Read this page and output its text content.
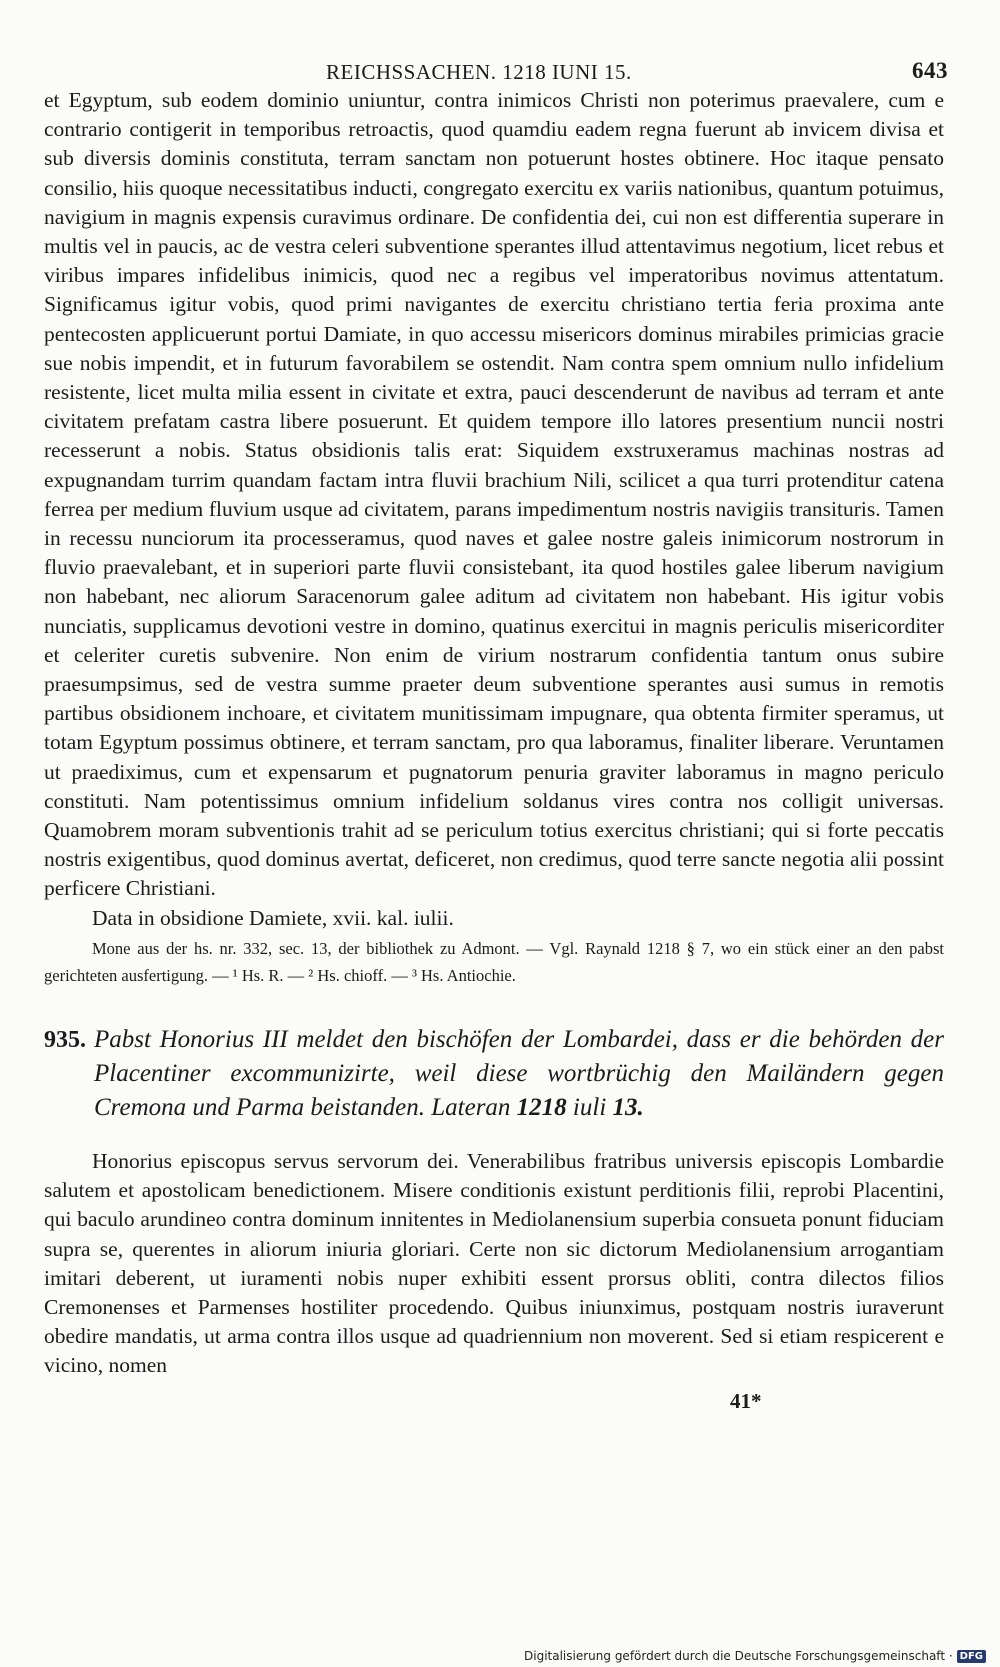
REICHSSACHEN. 1218 IUNI 15.	643

et Egyptum, sub eodem dominio uniuntur, contra inimicos Christi non poterimus praevalere, cum e contrario contigerit in temporibus retroactis, quod quamdiu eadem regna fuerunt ab invicem divisa et sub diversis dominis constituta, terram sanctam non potuerunt hostes obtinere. Hoc itaque pensato consilio, hiis quoque necessitatibus inducti, congregato exercitu ex variis nationibus, quantum potuimus, navigium in magnis expensis curavimus ordinare. De confidentia dei, cui non est differentia superare in multis vel in paucis, ac de vestra celeri subventione sperantes illud attentavimus negotium, licet rebus et viribus impares infidelibus inimicis, quod nec a regibus vel imperatoribus novimus attentatum. Significamus igitur vobis, quod primi navigantes de exercitu christiano tertia feria proxima ante pentecosten applicuerunt portui Damiate, in quo accessu misericors dominus mirabiles primicias gracie sue nobis impendit, et in futurum favorabilem se ostendit. Nam contra spem omnium nullo infidelium resistente, licet multa milia essent in civitate et extra, pauci descenderunt de navibus ad terram et ante civitatem prefatam castra libere posuerunt. Et quidem tempore illo latores presentium nuncii nostri recesserunt a nobis. Status obsidionis talis erat: Siquidem exstruxeramus machinas nostras ad expugnandam turrim quandam factam intra fluvii brachium Nili, scilicet a qua turri protenditur catena ferrea per medium fluvium usque ad civitatem, parans impedimentum nostris navigiis transituris. Tamen in recessu nunciorum ita processeramus, quod naves et galee nostre galeis inimicorum nostrorum in fluvio praevalebant, et in superiori parte fluvii consistebant, ita quod hostiles galee liberum navigium non habebant, nec aliorum Saracenorum galee aditum ad civitatem non habebant. His igitur vobis nunciatis, supplicamus devotioni vestre in domino, quatinus exercitui in magnis periculis misericorditer et celeriter curetis subvenire. Non enim de virium nostrarum confidentia tantum onus subire praesumpsimus, sed de vestra summe praeter deum subventione sperantes ausi sumus in remotis partibus obsidionem inchoare, et civitatem munitissimam impugnare, qua obtenta firmiter speramus, ut totam Egyptum possimus obtinere, et terram sanctam, pro qua laboramus, finaliter liberare. Veruntamen ut praediximus, cum et expensarum et pugnatorum penuria graviter laboramus in magno periculo constituti. Nam potentissimus omnium infidelium soldanus vires contra nos colligit universas. Quamobrem moram subventionis trahit ad se periculum totius exercitus christiani; qui si forte peccatis nostris exigentibus, quod dominus avertat, deficeret, non credimus, quod terre sancte negotia alii possint perficere Christiani.

Data in obsidione Damiete, xvii. kal. iulii.

Mone aus der hs. nr. 332, sec. 13, der bibliothek zu Admont. — Vgl. Raynald 1218 § 7, wo ein stück einer an den pabst gerichteten ausfertigung. — ¹ Hs. R. — ² Hs. chioff. — ³ Hs. Antiochie.
935. Pabst Honorius III meldet den bischöfen der Lombardei, dass er die behörden der Placentiner excommunizirte, weil diese wortbrüchig den Mailändern gegen Cremona und Parma beistanden. Lateran 1218 iuli 13.

Honorius episcopus servus servorum dei. Venerabilibus fratribus universis episcopis Lombardie salutem et apostolicam benedictionem. Misere conditionis existunt perditionis filii, reprobi Placentini, qui baculo arundineo contra dominum innitentes in Mediolanensium superbia consueta ponunt fiduciam supra se, querentes in aliorum iniuria gloriari. Certe non sic dictorum Mediolanensium arrogantiam imitari deberent, ut iuramenti nobis nuper exhibiti essent prorsus obliti, contra dilectos filios Cremonenses et Parmenses hostiliter procedendo. Quibus iniunximus, postquam nostris iuraverunt obedire mandatis, ut arma contra illos usque ad quadriennium non moverent. Sed si etiam respicerent e vicino, nomen

41*
Digitalisierung gefördert durch die Deutsche Forschungsgemeinschaft · DFG
